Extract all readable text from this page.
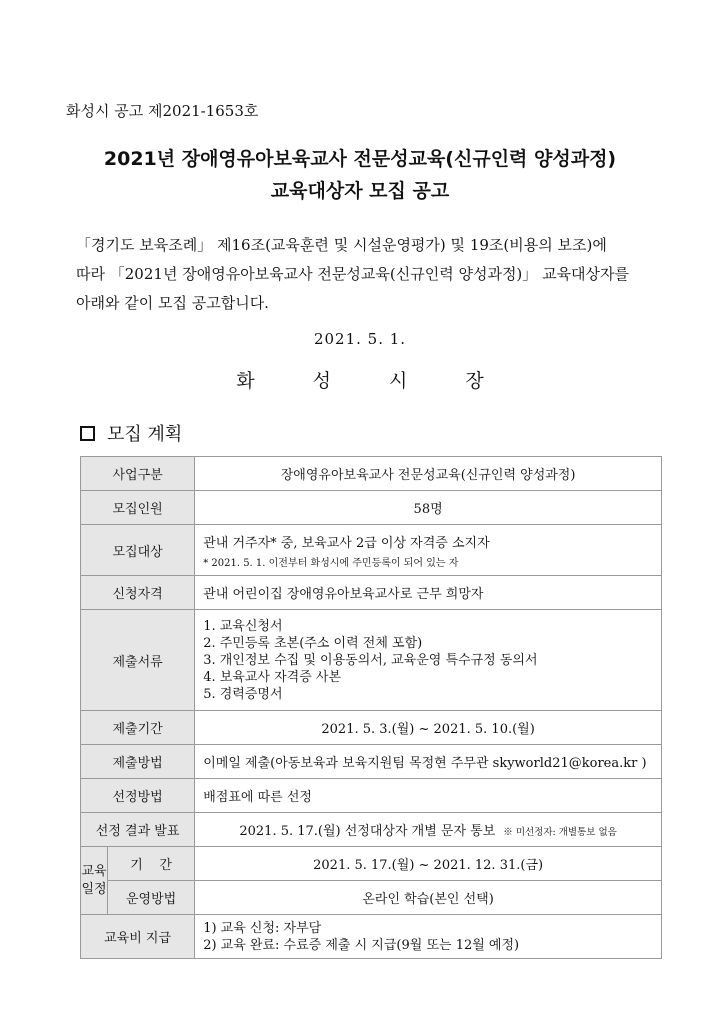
화성시 공고 제2021-1653호
2021년 장애영유아보육교사 전문성교육(신규인력 양성과정)
교육대상자 모집 공고
「경기도 보육조례」 제16조(교육훈련 및 시설운영평가) 및 19조(비용의 보조)에
따라 「2021년 장애영유아보육교사 전문성교육(신규인력 양성과정)」 교육대상자를
아래와 같이 모집 공고합니다.
2021. 5. 1.
화 성 시 장
모집 계획
사업구분		장애영유아보육교사 전문성교육(신규인력 양성과정)
모집인원		58명
모집대상		관내 거주자* 중, 보육교사 2급 이상 자격증 소지자
* 2021. 5. 1. 이전부터 화성시에 주민등록이 되어 있는 자

신청자격		관내 어린이집 장애영유아보육교사로 근무 희망자
제출서류		1. 교육신청서
2. 주민등록 초본(주소 이력 전체 포함)
3. 개인정보 수집 및 이용동의서, 교육운영 특수규정 동의서
4. 보육교사 자격증 사본
5. 경력증명서

제출기간		2021. 5. 3.(월) ~ 2021. 5. 10.(월)
제출방법		이메일 제출(아동보육과 보육지원팀 목정현 주무관 skyworld21@korea.kr )
선정방법		배점표에 따른 선정
선정 결과 발표		2021. 5. 17.(월) 선정대상자 개별 문자 통보 ※ 미선정자: 개별통보 없음

교육
일정	기    간	2021. 5. 17.(월) ~ 2021. 12. 31.(금)
	운영방법	온라인 학습(본인 선택)
교육비 지급		1) 교육 신청: 자부담
2) 교육 완료: 수료증 제출 시 지급(9월 또는 12월 예정)
